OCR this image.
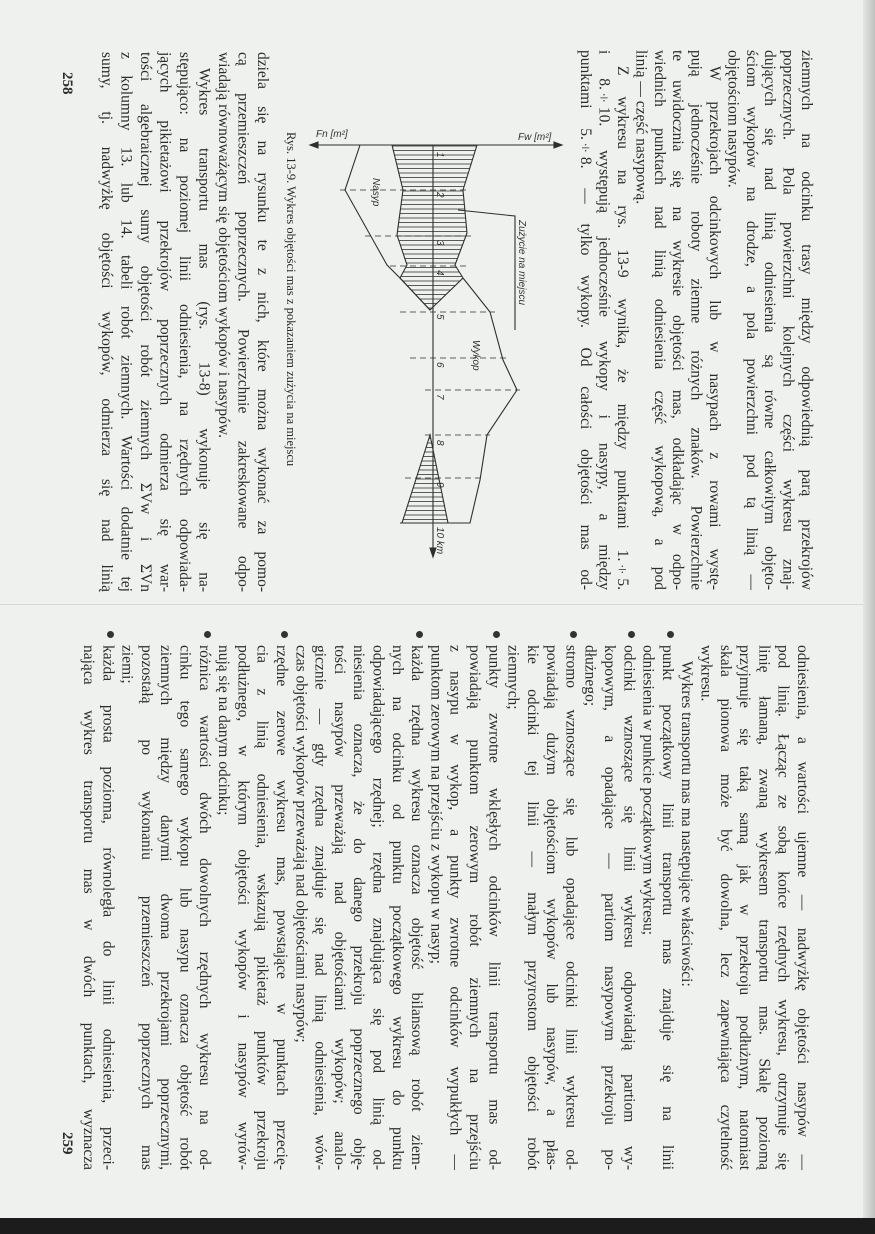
ziemnych na odcinku trasy między odpowiednią parą przekrojów
poprzecznych. Pola powierzchni kolejnych części wykresu znaj-
dujących się nad linią odniesienia są równe całkowitym objęto-
ściom wykopów na drodze, a pola powierzchni pod tą linią —
objętościom nasypów.
W przekrojach odcinkowych lub w nasypach z rowami wystę-
pują jednocześnie roboty ziemne różnych znaków. Powierzchnie
te uwidocznia się na wykresie objętości mas, odkładając w odpo-
wiednich punktach nad linią odniesienia część wykopową, a pod
linią — część nasypową.
Z wykresu na rys. 13-9 wynika, że między punktami 1.÷5.
i 8.÷10. występują jednocześnie wykopy i nasypy, a między
punktami 5.÷8. — tylko wykopy. Od całości objętości mas od-
dziela się na rysunku te z nich, które można wykonać za pomo-
cą przemieszczeń poprzecznych. Powierzchnie zakreskowane odpo-
wiadają równoważącym się objętościom wykopów i nasypów.
Wykres transportu mas (rys. 13-8) wykonuje się na-
stępująco: na poziomej linii odniesienia, na rzędnych odpowiada-
jących pikietażowi przekrojów poprzecznych odmierza się war-
tości algebraicznej sumy objętości robót ziemnych ΣVw i ΣVn
z kolumny 13. lub 14. tabeli robót ziemnych. Wartości dodatnie tej
sumy, tj. nadwyżkę objętości wykopów, odmierza się nad linią
odniesienia, a wartości ujemne — nadwyżkę objętości nasypów —
pod linią. Łącząc ze sobą końce rzędnych wykresu, otrzymuje się
linię łamaną, zwaną wykresem transportu mas. Skalę poziomą
przyjmuje się taką samą jak w przekroju podłużnym, natomiast
skala pionowa może być dowolna, lecz zapewniająca czytelność
wykresu.
Wykres transportu mas ma następujące właściwości:
punkt początkowy linii transportu mas znajduje się na linii
odniesienia w punkcie początkowym wykresu;
odcinki wznoszące się linii wykresu odpowiadają partiom wy-
kopowym, a opadające — partiom nasypowym przekroju po-
dłużnego;
stromo wznoszące się lub opadające odcinki linii wykresu od-
powiadają dużym objętościom wykopów lub nasypów, a płas-
kie odcinki tej linii — małym przyrostom objętości robót
ziemnych;
punkty zwrotne wklęsłych odcinków linii transportu mas od-
powiadają punktom zerowym robót ziemnych na przejściu
z nasypu w wykop, a punkty zwrotne odcinków wypukłych —
punktom zerowym na przejściu z wykopu w nasyp;
każda rzędna wykresu oznacza objętość bilansową robót ziem-
nych na odcinku od punktu początkowego wykresu do punktu
odpowiadającego rzędnej; rzędna znajdująca się pod linią od-
niesienia oznacza, że do danego przekroju poprzecznego obję-
tości nasypów przeważają nad objętościami wykopów; analo-
gicznie — gdy rzędna znajduje się nad linią odniesienia, wów-
czas objętości wykopów przeważają nad objętościami nasypów;
rzędne zerowe wykresu mas, powstające w punktach przecię-
cia z linią odniesienia, wskazują pikietaż punktów przekroju
podłużnego, w którym objętości wykopów i nasypów wyrów-
nują się na danym odcinku;
różnica wartości dwóch dowolnych rzędnych wykresu na od-
cinku tego samego wykopu lub nasypu oznacza objętość robót
ziemnych między danymi dwoma przekrojami poprzecznymi,
pozostałą po wykonaniu przemieszczeń poprzecznych mas
ziemi;
każda prosta pozioma, równoległa do linii odniesienia, przeci-
nająca wykres transportu mas w dwóch punktach, wyznacza
Rys. 13-9. Wykres objętości mas z pokazaniem zużycia na miejscu
258
259
Fn [m²]	Fw [m²]
Nasyp
Wykop
Zużycie na miejscu
1
2
3
4
5
6
7
8
9
10 km
